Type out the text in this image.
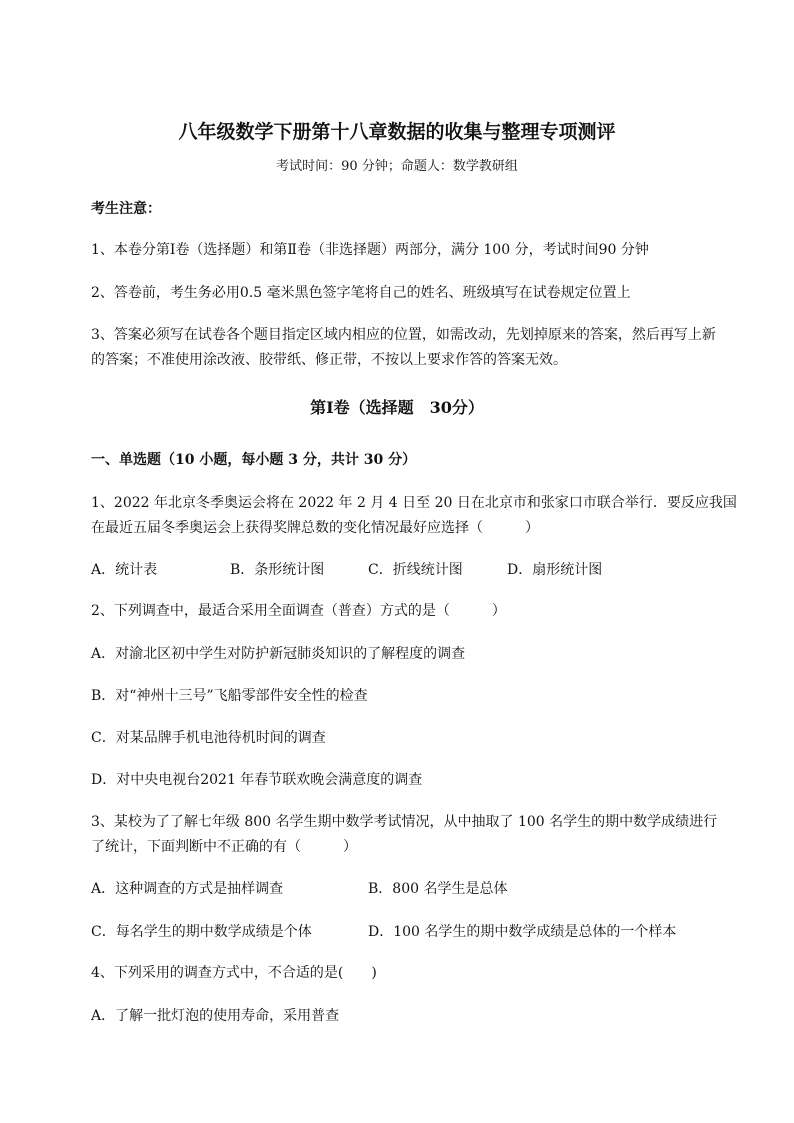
八年级数学下册第十八章数据的收集与整理专项测评
考试时间：90 分钟；命题人：数学教研组
考生注意：
1、本卷分第Ⅰ卷（选择题）和第Ⅱ卷（非选择题）两部分，满分 100 分，考试时间90 分钟
2、答卷前，考生务必用0.5 毫米黑色签字笔将自己的姓名、班级填写在试卷规定位置上
3、答案必须写在试卷各个题目指定区域内相应的位置，如需改动，先划掉原来的答案，然后再写上新
的答案；不准使用涂改液、胶带纸、修正带，不按以上要求作答的答案无效。
第Ⅰ卷（选择题　30分）
一、单选题（10 小题，每小题 3 分，共计 30 分）
1、2022 年北京冬季奥运会将在 2022 年 2 月 4 日至 20 日在北京市和张家口市联合举行．要反应我国
在最近五届冬季奥运会上获得奖牌总数的变化情况最好应选择（　　　）
A．统计表	B．条形统计图	C．折线统计图	D．扇形统计图
2、下列调查中，最适合采用全面调查（普查）方式的是（　　　）
A．对渝北区初中学生对防护新冠肺炎知识的了解程度的调查
B．对“神州十三号”飞船零部件安全性的检查
C．对某品牌手机电池待机时间的调查
D．对中央电视台2021 年春节联欢晚会满意度的调查
3、某校为了了解七年级 800 名学生期中数学考试情况，从中抽取了 100 名学生的期中数学成绩进行
了统计，下面判断中不正确的有（　　　）
A．这种调查的方式是抽样调查	B．800 名学生是总体
C．每名学生的期中数学成绩是个体	D．100 名学生的期中数学成绩是总体的一个样本
4、下列采用的调查方式中，不合适的是(　　)
A．了解一批灯泡的使用寿命，采用普查
